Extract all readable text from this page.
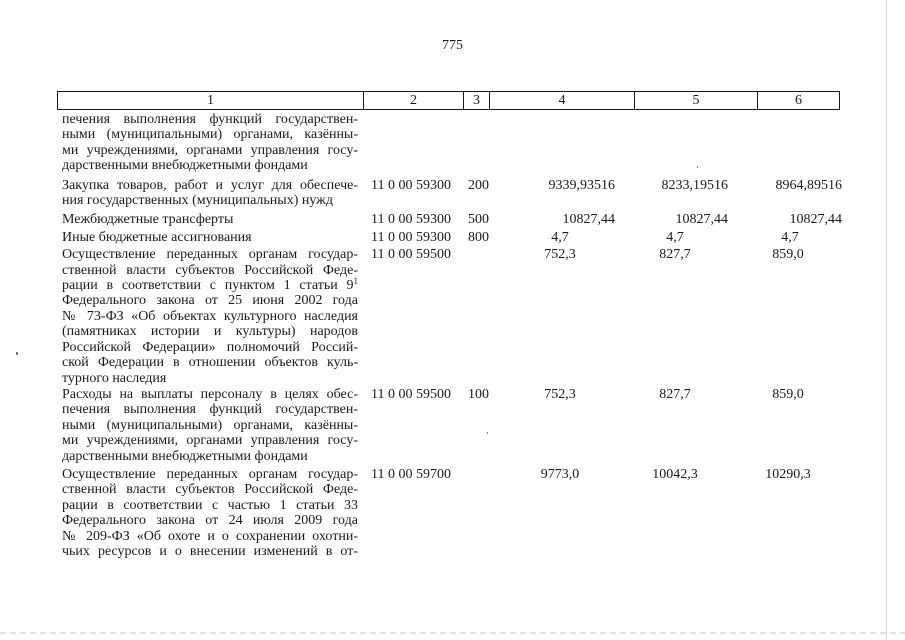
775
1	2	3	4	5	6
печения выполнения функций государствен-
ными (муниципальными) органами, казённы-
ми учреждениями, органами управления госу-
дарственными внебюджетными фондами
Закупка товаров, работ и услуг для обеспече-
ния государственных (муниципальных) нужд
11 0 00 59300 200	9339,93516	8233,19516	8964,89516
Межбюджетные трансферты	11 0 00 59300 500	10827,44	10827,44	10827,44
Иные бюджетные ассигнования	11 0 00 59300 800	4,7	4,7	4,7
Осуществление переданных органам государ-
ственной власти субъектов Российской Феде-
рации в соответствии с пунктом 1 статьи $9^1$
Федерального закона от 25 июня 2002 года
№ 73-ФЗ «Об объектах культурного наследия
(памятниках истории и культуры) народов
Российской Федерации» полномочий Россий-
ской Федерации в отношении объектов куль-
турного наследия
11 0 00 59500	752,3	827,7	859,0
Расходы на выплаты персоналу в целях обес-
печения выполнения функций государствен-
ными (муниципальными) органами, казённы-
ми учреждениями, органами управления госу-
дарственными внебюджетными фондами
11 0 00 59500 100	752,3	827,7	859,0
Осуществление переданных органам государ-
ственной власти субъектов Российской Феде-
рации в соответствии с частью 1 статьи 33
Федерального закона от 24 июля 2009 года
№ 209-ФЗ «Об охоте и о сохранении охотни-
чьих ресурсов и о внесении изменений в от-
11 0 00 59700	9773,0	10042,3	10290,3
